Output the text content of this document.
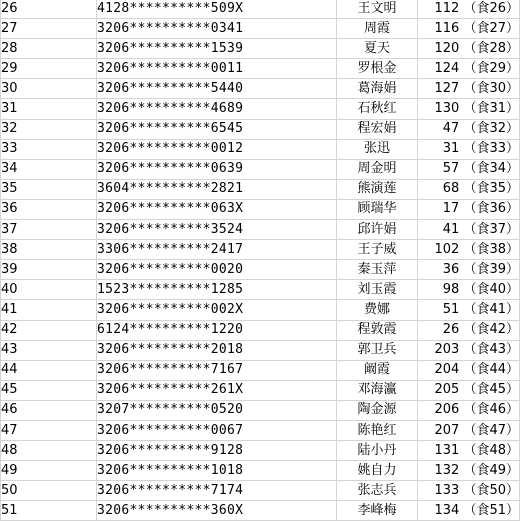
26	4128**********509X	王文明	112 （食26）
27	3206**********0341	周霞	116 （食27）
28	3206**********1539	夏天	120 （食28）
29	3206**********0011	罗根金	124 （食29）
30	3206**********5440	葛海娟	127 （食30）
31	3206**********4689	石秋红	130 （食31）
32	3206**********6545	程宏娟	47 （食32）
33	3206**********0012	张迅	31 （食33）
34	3206**********0639	周金明	57 （食34）
35	3604**********2821	熊演莲	68 （食35）
36	3206**********063X	顾瑞华	17 （食36）
37	3206**********3524	邱许娟	41 （食37）
38	3306**********2417	王子威	102 （食38）
39	3206**********0020	秦玉萍	36 （食39）
40	1523**********1285	刘玉霞	98 （食40）
41	3206**********002X	费娜	51 （食41）
42	6124**********1220	程敦霞	26 （食42）
43	3206**********2018	郭卫兵	203 （食43）
44	3206**********7167	阚霞	204 （食44）
45	3206**********261X	邓海瀛	205 （食45）
46	3207**********0520	陶金源	206 （食46）
47	3206**********0067	陈艳红	207 （食47）
48	3206**********9128	陆小丹	131 （食48）
49	3206**********1018	姚自力	132 （食49）
50	3206**********7174	张志兵	133 （食50）
51	3206**********360X	李峰梅	134 （食51）
